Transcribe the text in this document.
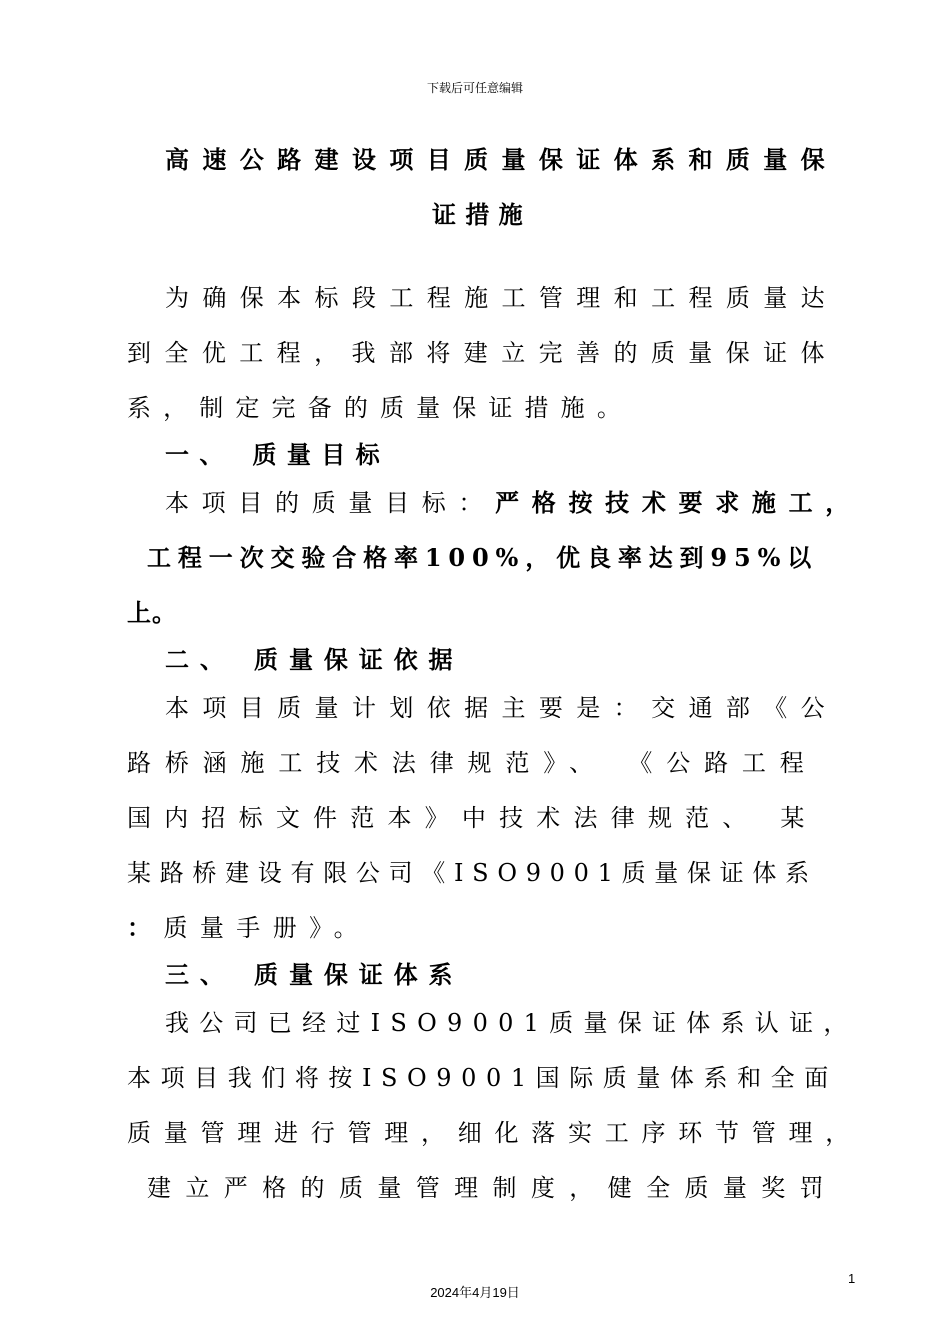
下载后可任意编辑
高速公路建设项目质量保证体系和质量保
证措施
为确保本标段工程施工管理和工程质量达
到全优工程，我部将建立完善的质量保证体
系，制定完备的质量保证措施。
一、 质量目标
本项目的质量目标：严格按技术要求施工，
工程一次交验合格率100%，优良率达到95%以
上。
二、 质量保证依据
本项目质量计划依据主要是：交通部《公
路桥涵施工技术法律规范》、 《公路工程
国内招标文件范本》中技术法律规范、 某
某路桥建设有限公司《ISO9001质量保证体系
：质量手册》。
三、 质量保证体系
我公司已经过ISO9001质量保证体系认证，
本项目我们将按ISO9001国际质量体系和全面
质量管理进行管理，细化落实工序环节管理，
建立严格的质量管理制度，健全质量奖罚
1
2024年4月19日
